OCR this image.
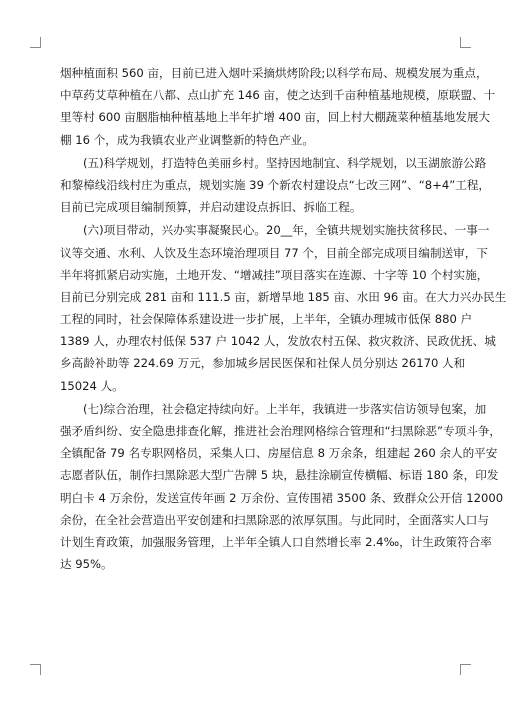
烟种植面积 560 亩，目前已进入烟叶采摘烘烤阶段;以科学布局、规模发展为重点，
中草药艾草种植在八都、点山扩充 146 亩，使之达到千亩种植基地规模，原联盟、十
里等村 600 亩胭脂柚种植基地上半年扩增 400 亩，回上村大棚蔬菜种植基地发展大
棚 16 个，成为我镇农业产业调整新的特色产业。
(五)科学规划，打造特色美丽乡村。坚持因地制宜、科学规划，以玉湖旅游公路
和黎樟线沿线村庄为重点，规划实施 39 个新农村建设点“七改三网”、“8+4”工程，
目前已完成项目编制预算，并启动建设点拆旧、拆临工程。
(六)项目带动，兴办实事凝聚民心。20__年，全镇共规划实施扶贫移民、一事一
议等交通、水利、人饮及生态环境治理项目 77 个，目前全部完成项目编制送审，下
半年将抓紧启动实施，土地开发、“增减挂”项目落实在连源、十字等 10 个村实施，
目前已分别完成 281 亩和 111.5 亩，新增旱地 185 亩、水田 96 亩。在大力兴办民生
工程的同时，社会保障体系建设进一步扩展，上半年，全镇办理城市低保 880 户
1389 人，办理农村低保 537 户 1042 人，发放农村五保、救灾救济、民政优抚、城
乡高龄补助等 224.69 万元，参加城乡居民医保和社保人员分别达 26170 人和
15024 人。
(七)综合治理，社会稳定持续向好。上半年，我镇进一步落实信访领导包案，加
强矛盾纠纷、安全隐患排查化解，推进社会治理网格综合管理和“扫黑除恶”专项斗争，
全镇配备 79 名专职网格员，采集人口、房屋信息 8 万余条，组建起 260 余人的平安
志愿者队伍，制作扫黑除恶大型广告牌 5 块，悬挂涂刷宣传横幅、标语 180 条，印发
明白卡 4 万余份，发送宣传年画 2 万余份、宣传围裙 3500 条、致群众公开信 12000
余份，在全社会营造出平安创建和扫黑除恶的浓厚氛围。与此同时，全面落实人口与
计划生育政策，加强服务管理，上半年全镇人口自然增长率 2.4‰，计生政策符合率
达 95%。
